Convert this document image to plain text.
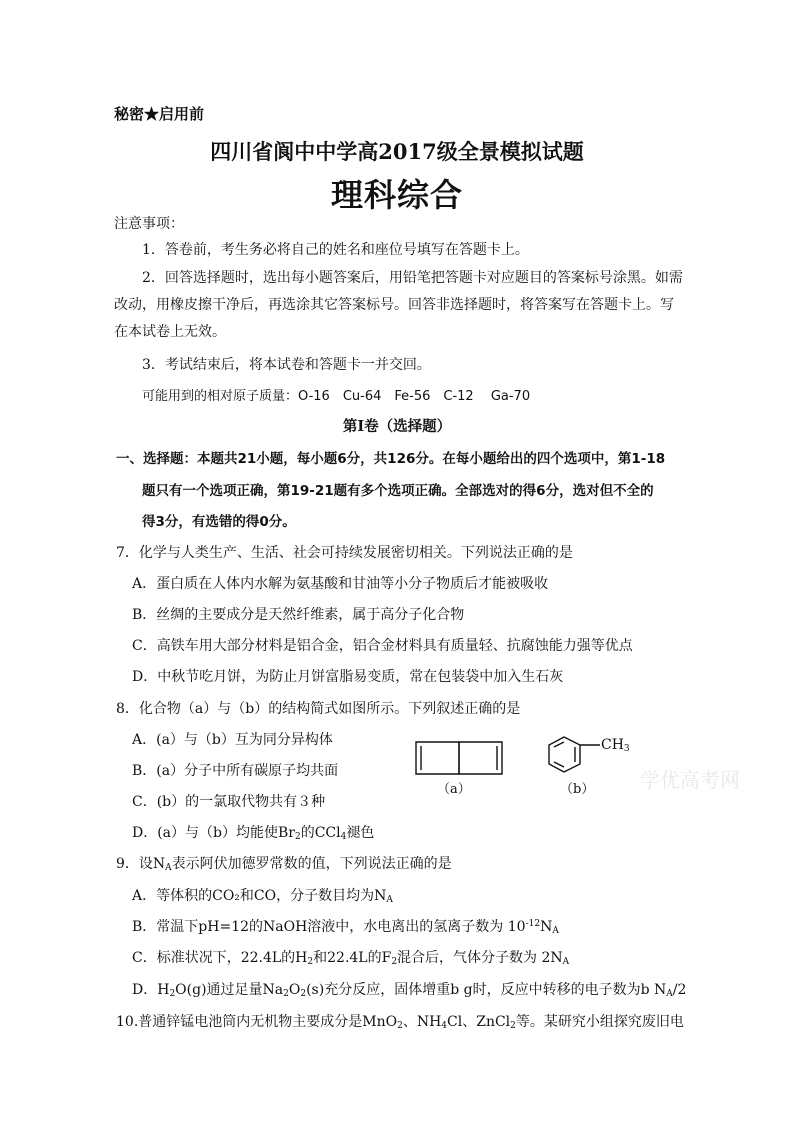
秘密★启用前
四川省阆中中学高2017级全景模拟试题
理科综合
注意事项：
1．答卷前，考生务必将自己的姓名和座位号填写在答题卡上。
2．回答选择题时，选出每小题答案后，用铅笔把答题卡对应题目的答案标号涂黑。如需
改动，用橡皮擦干净后，再选涂其它答案标号。回答非选择题时，将答案写在答题卡上。写
在本试卷上无效。
3．考试结束后，将本试卷和答题卡一并交回。
可能用到的相对原子质量：O-16　Cu-64　Fe-56　C-12　 Ga-70
第Ⅰ卷（选择题）
一、选择题：本题共21小题，每小题6分，共126分。在每小题给出的四个选项中，第1-18
题只有一个选项正确，第19-21题有多个选项正确。全部选对的得6分，选对但不全的
得3分，有选错的得0分。
7．化学与人类生产、生活、社会可持续发展密切相关。下列说法正确的是
A．蛋白质在人体内水解为氨基酸和甘油等小分子物质后才能被吸收
B．丝绸的主要成分是天然纤维素，属于高分子化合物
C．高铁车用大部分材料是铝合金，铝合金材料具有质量轻、抗腐蚀能力强等优点
D．中秋节吃月饼，为防止月饼富脂易变质，常在包装袋中加入生石灰
8．化合物（a）与（b）的结构简式如图所示。下列叙述正确的是
A．(a）与（b）互为同分异构体
B．(a）分子中所有碳原子均共面
C．(b）的一氯取代物共有３种
D．(a）与（b）均能使$Br_2$的CCl$_4$褪色
（a）
$CH_3$
（b） 学优高考网
9．设$N_A$表示阿伏加德罗常数的值，下列说法正确的是
A．等体积的CO₂和CO，分子数目均为$N_A$
B．常温下pH=12的NaOH溶液中，水电离出的氢离子数为 $10^{-12}N_A$
C．标准状况下，22.4L的$H_2$和22.4L的$F_2$混合后，气体分子数为 $2N_A$
D．$H_2O(g)$通过足量$Na_2O_2(s)$充分反应，固体增重b g时，反应中转移的电子数为b $N_A/2$
10.普通锌锰电池筒内无机物主要成分是MnO$_2$、$NH_4Cl$、ZnCl$_2$等。某研究小组探究废旧电
